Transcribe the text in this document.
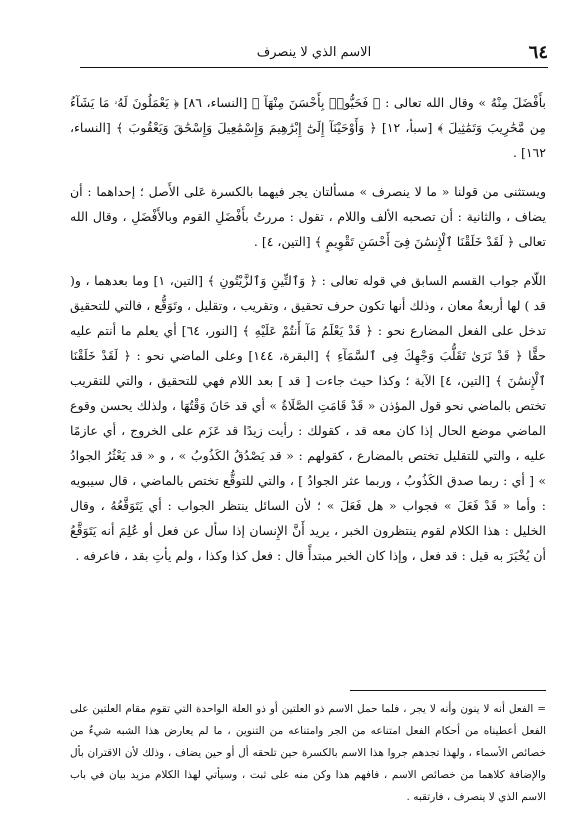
٦٤
الاسم الذي لا ينصرف

بأَفْضَلَ مِنْهُ » وقال الله تعالى : ﴿ فَحَيُّوا۟ بِأَحْسَنَ مِنْهَآ ﴾ [النساء، ٨٦] ﴿ يَعْمَلُونَ لَهُۥ مَا يَشَآءُ مِن مَّحَٰرِيبَ وَتَمَٰثِيلَ ﴾ [سبأ، ١٢] ﴿ وَأَوْحَيْنَآ إِلَىٰٓ إِبْرَٰهِيمَ وَإِسْمَٰعِيلَ وَإِسْحَٰقَ وَيَعْقُوبَ ﴾ [النساء، ١٦٢] .

ويستثنى من قولنا « ما لا ينصرف » مسألتان يجر فيهما بالكسرة عَلى الأَصل ؛ إحداهما : أن يضاف ، والثانية : أن تصحبه الألف واللام ، تقول : مررتُ بأَفْضَلِ القوم وبالأَفْضَلِ ، وقال الله تعالى ﴿ لَقَدْ خَلَقْنَا ٱلْإِنسَٰنَ فِىٓ أَحْسَنِ تَقْوِيمٍ ﴾ [التين، ٤] .

اللّام جواب القسم السابق في قوله تعالى : ﴿ وَٱلتِّينِ وَٱلزَّيْتُونِ ﴾ [التين، ١] وما بعدهما ، و( قد ) لها أربعةُ معان ، وذلك أنها تكون حرف تحقيق ، وتقريب ، وتقليل ، وتَوَقُّع ، فالتي للتحقيق تدخل على الفعل المضارع نحو : ﴿ قَدْ يَعْلَمُ مَآ أَنتُمْ عَلَيْهِ ﴾ [النور، ٦٤] أي يعلم ما أنتم عليه حقًّا ﴿ قَدْ نَرَىٰ تَقَلُّبَ وَجْهِكَ فِى ٱلسَّمَآءِ ﴾ [البقرة، ١٤٤] وعلى الماضي نحو : ﴿ لَقَدْ خَلَقْنَا ٱلْإِنسَٰنَ ﴾ [التين، ٤] الآية ؛ وكذا حيث جاءت [ قد ] بعد اللام فهي للتحقيق ، والتي للتقريب تختص بالماضي نحو قول المؤذن « قَدْ قَامَتِ الصَّلَاةُ » أي قد حَانَ وَقْتُهَا ، ولذلك يحسن وقوع الماضي موضع الحال إذا كان معه قد ، كقولك : رأيت زيدًا قد عَزَم على الخروج ، أي عازمًا عليه ، والتي للتقليل تختص بالمضارع ، كقولهم : « قد يَصْدُقُ الكَذُوبُ » ، و « قد يَعْثُرُ الجوادُ » [ أي : ربما صدق الكَذُوبُ ، وربما عثر الجوادُ ] ، والتي للتوقُّع تختص بالماضي ، قال سيبويه : وأما « قَدْ فَعَلَ » فجواب « هل فَعَلَ » ؛ لأن السائل ينتظر الجواب : أي يَتَوَقَّعُهُ ، وقال الخليل : هذا الكلام لقوم ينتظرون الخبر ، يريد أَنَّ الإِنسان إذا سأل عن فعل أو عُلِمَ أنه يَتَوَقَّعُ أن يُخْبَرَ به قيل : قد فعل ، وإذا كان الخبر مبتدأً قال : فعل كذا وكذا ، ولم يأتِ بقد ، فاعرفه .

= الفعل أنه لا ينون وأنه لا يجر ، فلما حمل الاسم ذو العلتين أو ذو العلة الواحدة التي تقوم مقام العلتين على الفعل أعطيناه من أحكام الفعل امتناعه من الجر وامتناعه من التنوين ، ما لم يعارض هذا الشبه شيءٌ من خصائص الأسماء ، ولهذا تجدهم جروا هذا الاسم بالكسرة حين تلحقه أل أو حين يضاف ، وذلك لأن الاقتران بأل والإضافة كلاهما من خصائص الاسم ، فافهم هذا وكن منه على ثبت ، وسيأتي لهذا الكلام مزيد بيان في باب الاسم الذي لا ينصرف ، فارتقبه .
